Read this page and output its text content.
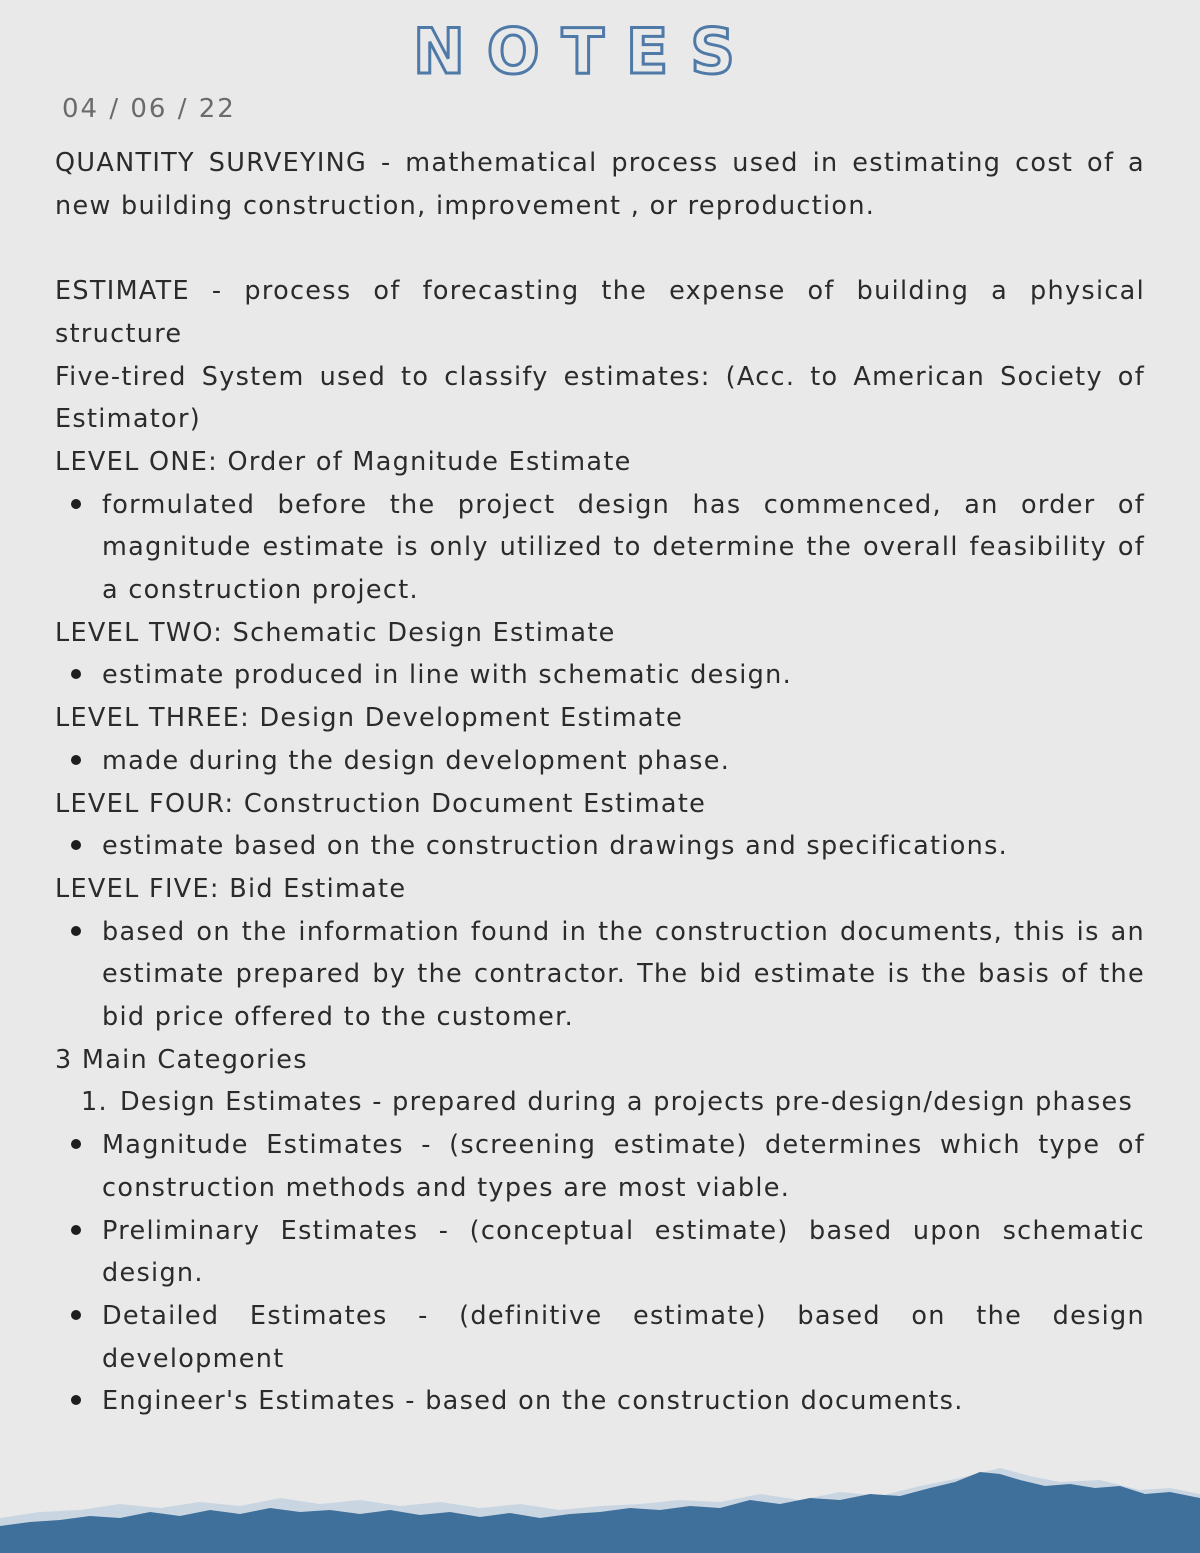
NOTES
04 / 06 / 22

QUANTITY SURVEYING - mathematical process used in estimating cost of a new building construction, improvement , or reproduction.

ESTIMATE - process of forecasting the expense of building a physical structure

Five-tired System used to classify estimates: (Acc. to American Society of Estimator)

LEVEL ONE: Order of Magnitude Estimate
formulated before the project design has commenced, an order of magnitude estimate is only utilized to determine the overall feasibility of a construction project.
LEVEL TWO: Schematic Design Estimate
estimate produced in line with schematic design.
LEVEL THREE: Design Development Estimate
made during the design development phase.
LEVEL FOUR: Construction Document Estimate
estimate based on the construction drawings and specifications.
LEVEL FIVE: Bid Estimate
based on the information found in the construction documents, this is an estimate prepared by the contractor. The bid estimate is the basis of the bid price offered to the customer.
3 Main Categories
1. Design Estimates - prepared during a projects pre-design/design phases
Magnitude Estimates - (screening estimate) determines which type of construction methods and types are most viable.
Preliminary Estimates - (conceptual estimate) based upon schematic design.
Detailed Estimates - (definitive estimate) based on the design development
Engineer's Estimates - based on the construction documents.
